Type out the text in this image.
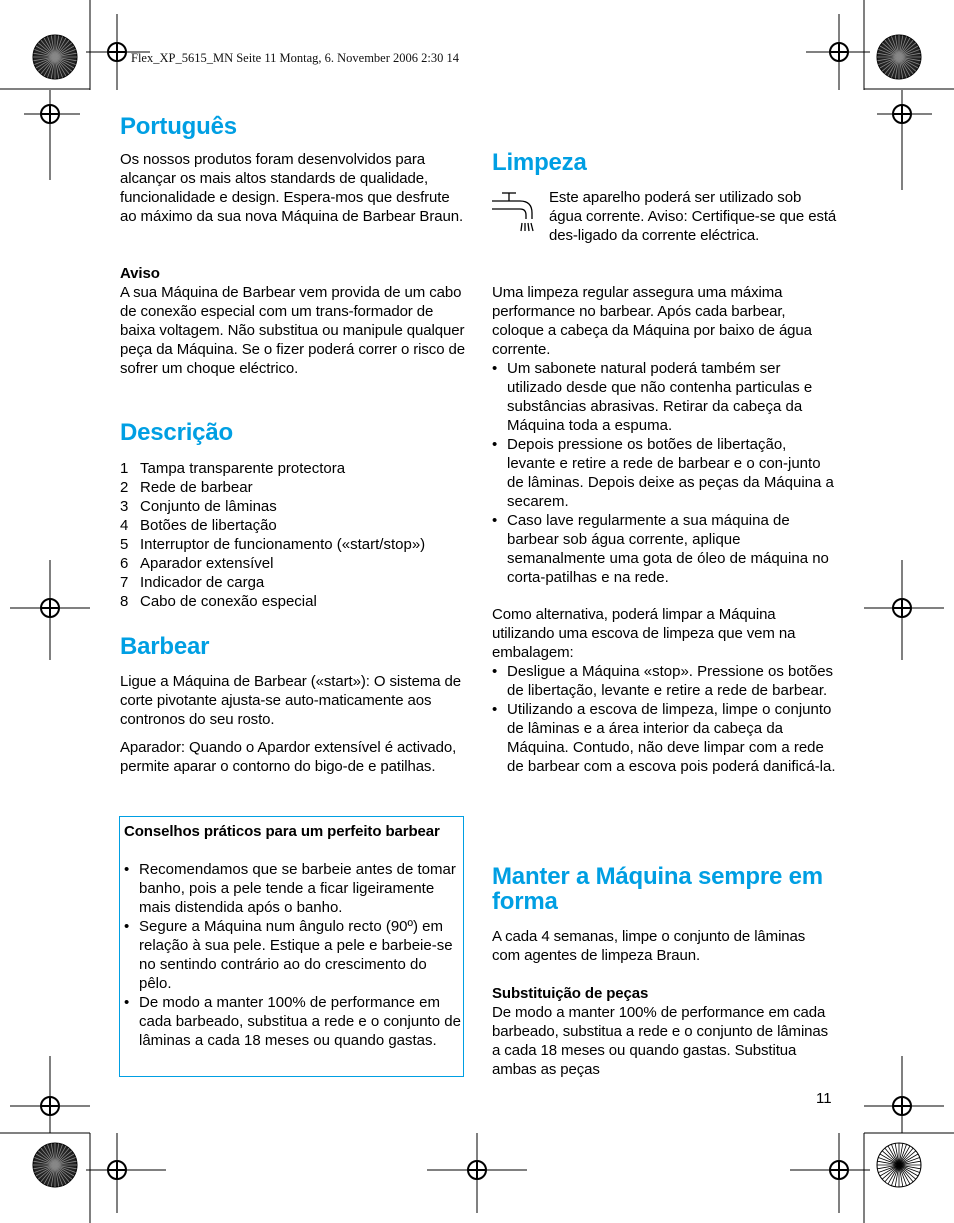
Flex_XP_5615_MN Seite 11 Montag, 6. November 2006 2:30 14
Português

Os nossos produtos foram desenvolvidos para alcançar os mais altos standards de qualidade, funcionalidade e design. Espera-mos que desfrute ao máximo da sua nova Máquina de Barbear Braun.

Aviso

A sua Máquina de Barbear vem provida de um cabo de conexão especial com um trans-formador de baixa voltagem. Não substitua ou manipule qualquer peça da Máquina. Se o fizer poderá correr o risco de sofrer um choque eléctrico.

Descrição
1 Tampa transparente protectora
2 Rede de barbear
3 Conjunto de lâminas
4 Botões de libertação
5 Interruptor de funcionamento («start/stop»)
6 Aparador extensível
7 Indicador de carga
8 Cabo de conexão especial
Barbear

Ligue a Máquina de Barbear («start»): O sistema de corte pivotante ajusta-se auto-maticamente aos contronos do seu rosto.

Aparador: Quando o Apardor extensível é activado, permite aparar o contorno do bigo-de e patilhas.

Conselhos práticos para um perfeito barbear

• Recomendamos que se barbeie antes de tomar banho, pois a pele tende a ficar ligeiramente mais distendida após o banho.
• Segure a Máquina num ângulo recto (90º) em relação à sua pele. Estique a pele e barbeie-se no sentindo contrário ao do crescimento do pêlo.
• De modo a manter 100% de performance em cada barbeado, substitua a rede e o conjunto de lâminas a cada 18 meses ou quando gastas.
Limpeza

Este aparelho poderá ser utilizado sob água corrente. Aviso: Certifique-se que está des-ligado da corrente eléctrica.

Uma limpeza regular assegura uma máxima performance no barbear. Após cada barbear, coloque a cabeça da Máquina por baixo de água corrente.

• Um sabonete natural poderá também ser utilizado desde que não contenha particulas e substâncias abrasivas. Retirar da cabeça da Máquina toda a espuma.
• Depois pressione os botões de libertação, levante e retire a rede de barbear e o con-junto de lâminas. Depois deixe as peças da Máquina a secarem.
• Caso lave regularmente a sua máquina de barbear sob água corrente, aplique semanalmente uma gota de óleo de máquina no corta-patilhas e na rede.

Como alternativa, poderá limpar a Máquina utilizando uma escova de limpeza que vem na embalagem:

• Desligue a Máquina «stop». Pressione os botões de libertação, levante e retire a rede de barbear.
• Utilizando a escova de limpeza, limpe o conjunto de lâminas e a área interior da cabeça da Máquina. Contudo, não deve limpar com a rede de barbear com a escova pois poderá danificá-la.
Manter a Máquina sempre em forma

A cada 4 semanas, limpe o conjunto de lâminas com agentes de limpeza Braun.

Substituição de peças

De modo a manter 100% de performance em cada barbeado, substitua a rede e o conjunto de lâminas a cada 18 meses ou quando gastas. Substitua ambas as peças

11
